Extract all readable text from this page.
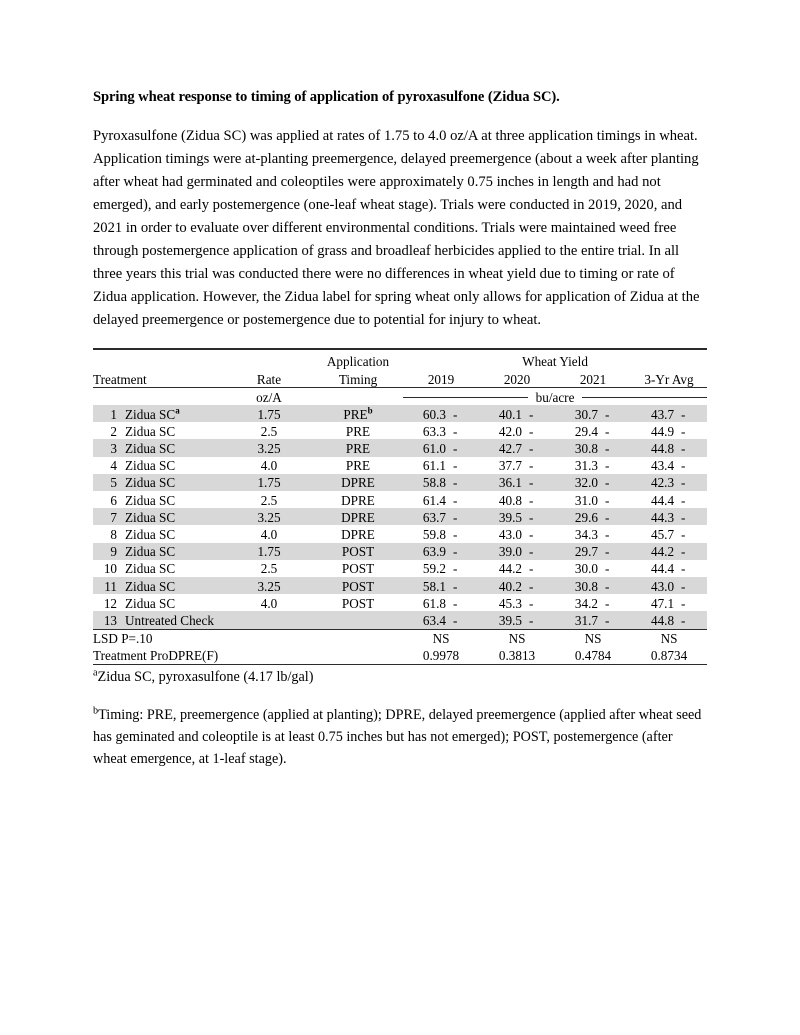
Spring wheat response to timing of application of pyroxasulfone (Zidua SC).

Pyroxasulfone (Zidua SC) was applied at rates of 1.75 to 4.0 oz/A at three application timings in wheat. Application timings were at-planting preemergence, delayed preemergence (about a week after planting after wheat had germinated and coleoptiles were approximately 0.75 inches in length and had not emerged), and early postemergence (one-leaf wheat stage). Trials were conducted in 2019, 2020, and 2021 in order to evaluate over different environmental conditions. Trials were maintained weed free through postemergence application of grass and broadleaf herbicides applied to the entire trial. In all three years this trial was conducted there were no differences in wheat yield due to timing or rate of Zidua application. However, the Zidua label for spring wheat only allows for application of Zidua at the delayed preemergence or postemergence due to potential for injury to wheat.

		Application	Wheat Yield			
Treatment	Rate	Timing	2019	2020	2021	3-Yr Avg
	oz/A		bu/acre			

1 Zidua $SC^a$	1.75	PRE$^b$	60.3 -	40.1 -	30.7 -	43.7 -

2 Zidua SC	2.5	PRE	63.3 -	42.0 -	29.4 -	44.9 -

3 Zidua SC	3.25	PRE	61.0 -	42.7 -	30.8 -	44.8 -

4 Zidua SC	4.0	PRE	61.1 -	37.7 -	31.3 -	43.4 -

5 Zidua SC	1.75	DPRE	58.8 -	36.1 -	32.0 -	42.3 -

6 Zidua SC	2.5	DPRE	61.4 -	40.8 -	31.0 -	44.4 -

7 Zidua SC	3.25	DPRE	63.7 -	39.5 -	29.6 -	44.3 -

8 Zidua SC	4.0	DPRE	59.8 -	43.0 -	34.3 -	45.7 -

9 Zidua SC	1.75	POST	63.9 -	39.0 -	29.7 -	44.2 -

10 Zidua SC	2.5	POST	59.2 -	44.2 -	30.0 -	44.4 -

11 Zidua SC	3.25	POST	58.1 -	40.2 -	30.8 -	43.0 -

12 Zidua SC	4.0	POST	61.8 -	45.3 -	34.2 -	47.1 -

13 Untreated Check			63.4 -	39.5 -	31.7 -	44.8 -

LSD P=.10			NS	NS	NS	NS
Treatment ProDPRE(F)			0.9978	0.3813	0.4784	0.8734

$^a$Zidua SC, pyroxasulfone (4.17 lb/gal)

$^b$Timing: PRE, preemergence (applied at planting); DPRE, delayed preemergence (applied after wheat seed has geminated and coleoptile is at least 0.75 inches but has not emerged); POST, postemergence (after wheat emergence, at 1-leaf stage).
